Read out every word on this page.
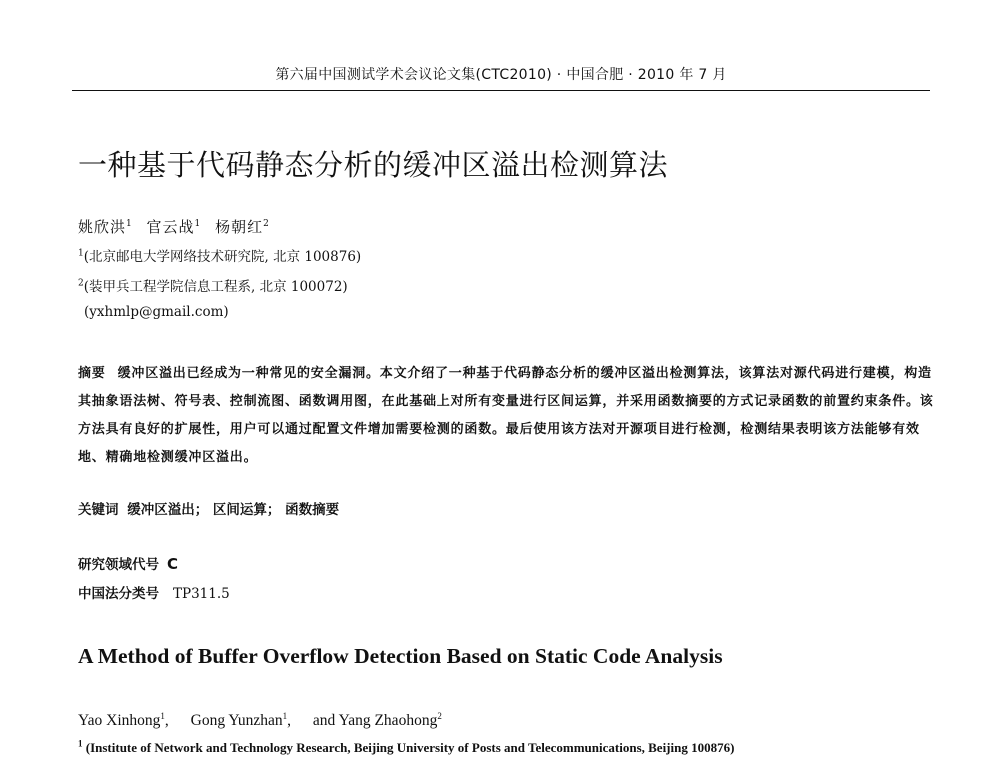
第六届中国测试学术会议论文集(CTC2010) · 中国合肥 · 2010 年 7 月
一种基于代码静态分析的缓冲区溢出检测算法
姚欣洪$^1$ 官云战$^1$ 杨朝红$^2$
$^1$(北京邮电大学网络技术研究院, 北京 100876)
$^2$(装甲兵工程学院信息工程系, 北京 100072)
(yxhmlp@gmail.com)
摘要 缓冲区溢出已经成为一种常见的安全漏洞。本文介绍了一种基于代码静态分析的缓冲区溢出检测算法，该算法对源代码进行建模，构造其抽象语法树、符号表、控制流图、函数调用图，在此基础上对所有变量进行区间运算，并采用函数摘要的方式记录函数的前置约束条件。该方法具有良好的扩展性，用户可以通过配置文件增加需要检测的函数。最后使用该方法对开源项目进行检测，检测结果表明该方法能够有效地、精确地检测缓冲区溢出。
关键词 缓冲区溢出； 区间运算； 函数摘要
研究领域代号 C
中国法分类号 TP311.5
A Method of Buffer Overflow Detection Based on Static Code Analysis
Yao Xinhong$^1$, Gong Yunzhan$^1$, and Yang Zhaohong$^2$
$^1$ (Institute of Network and Technology Research, Beijing University of Posts and Telecommunications, Beijing 100876)
